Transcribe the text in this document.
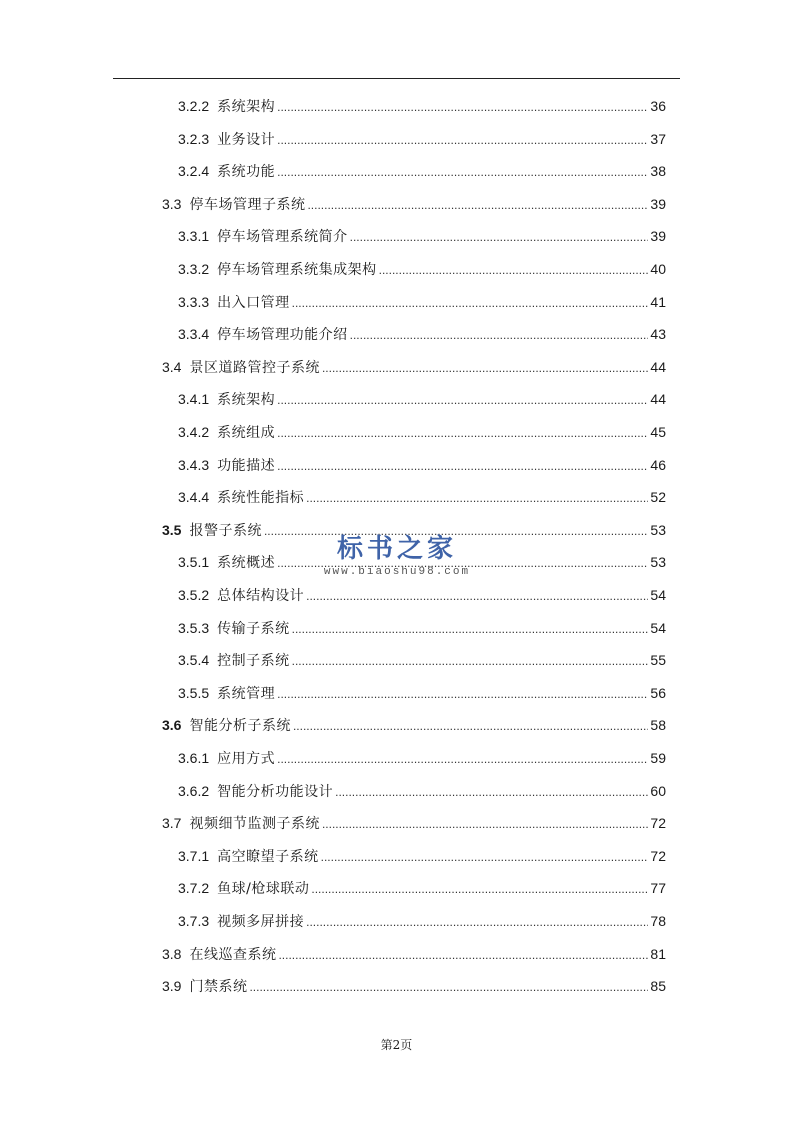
3.2.2 系统架构 .....	36
3.2.3 业务设计 .....	37
3.2.4 系统功能 .....	38
3.3 停车场管理子系统 .....	39
3.3.1 停车场管理系统简介 .....	39
3.3.2 停车场管理系统集成架构 .....	40
3.3.3 出入口管理 .....	41
3.3.4 停车场管理功能介绍 .....	43
3.4 景区道路管控子系统 .....	44
3.4.1 系统架构 .....	44
3.4.2 系统组成 .....	45
3.4.3 功能描述 .....	46
3.4.4 系统性能指标 .....	52
3.5 报警子系统 .....	53
3.5.1 系统概述 .....	53
3.5.2 总体结构设计 .....	54
3.5.3 传输子系统 .....	54
3.5.4 控制子系统 .....	55
3.5.5 系统管理 .....	56
3.6 智能分析子系统 .....	58
3.6.1 应用方式 .....	59
3.6.2 智能分析功能设计 .....	60
3.7 视频细节监测子系统 .....	72
3.7.1 高空瞭望子系统 .....	72
3.7.2 鱼球/枪球联动 .....	77
3.7.3 视频多屏拼接 .....	78
3.8 在线巡查系统 .....	81
3.9 门禁系统 .....	85
标书之家
www.biaoshu98.com
第2页
